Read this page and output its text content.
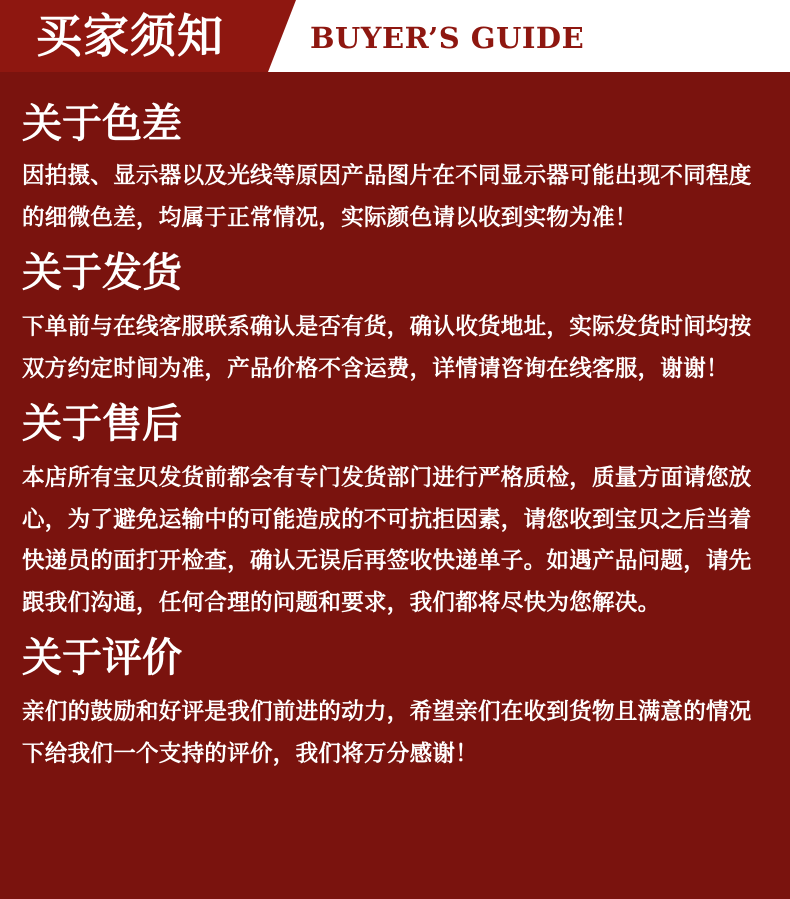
买家须知	BUYER’S GUIDE
关于色差

因拍摄、显示器以及光线等原因产品图片在不同显示器可能出现不同程度的细微色差，均属于正常情况，实际颜色请以收到实物为准！

关于发货

下单前与在线客服联系确认是否有货，确认收货地址，实际发货时间均按双方约定时间为准，产品价格不含运费，详情请咨询在线客服，谢谢！

关于售后

本店所有宝贝发货前都会有专门发货部门进行严格质检，质量方面请您放心，为了避免运输中的可能造成的不可抗拒因素，请您收到宝贝之后当着快递员的面打开检查，确认无误后再签收快递单子。如遇产品问题，请先跟我们沟通，任何合理的问题和要求，我们都将尽快为您解决。

关于评价

亲们的鼓励和好评是我们前进的动力，希望亲们在收到货物且满意的情况下给我们一个支持的评价，我们将万分感谢！
